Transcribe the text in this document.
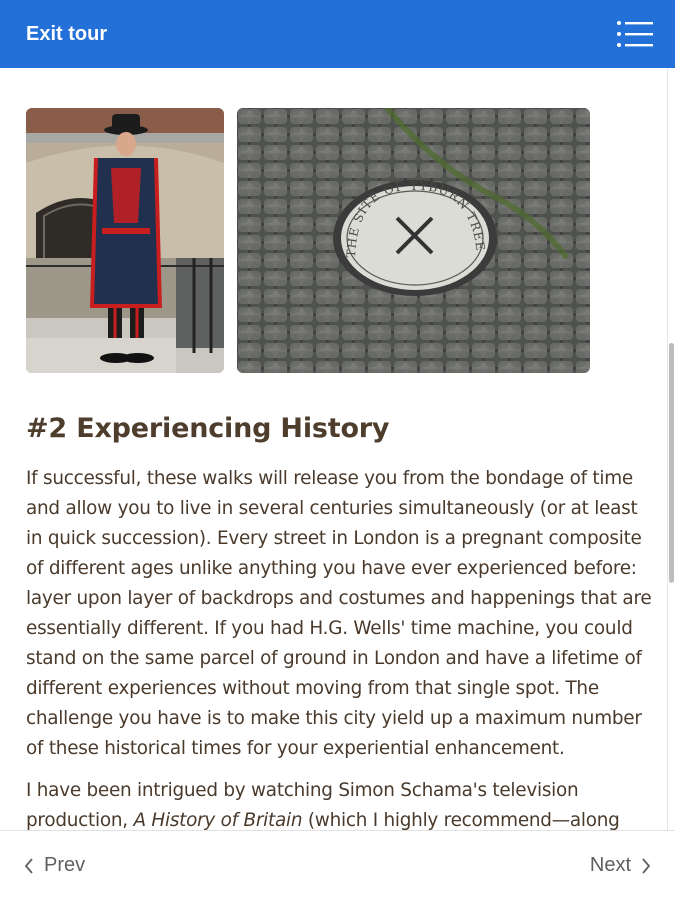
Exit tour
THE SITE OF TYBURN TREE
#2 Experiencing History

If successful, these walks will release you from the bondage of time and allow you to live in several centuries simultaneously (or at least in quick succession). Every street in London is a pregnant composite of different ages unlike anything you have ever experienced before: layer upon layer of backdrops and costumes and happenings that are essentially different. If you had H.G. Wells' time machine, you could stand on the same parcel of ground in London and have a lifetime of different experiences without moving from that single spot. The challenge you have is to make this city yield up a maximum number of these historical times for your experiential enhancement.

I have been intrigued by watching Simon Schama's television production, A History of Britain (which I highly recommend—along

Prev	Next
